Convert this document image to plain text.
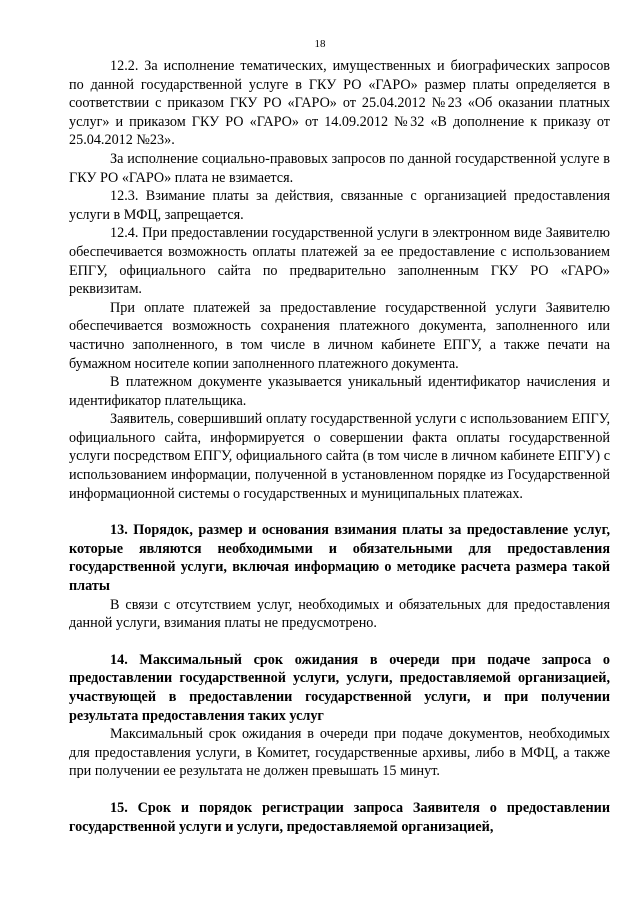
18

12.2. За исполнение тематических, имущественных и биографических запросов по данной государственной услуге в ГКУ РО «ГАРО» размер платы определяется в соответствии с приказом ГКУ РО «ГАРО» от 25.04.2012 №23 «Об оказании платных услуг» и приказом ГКУ РО «ГАРО» от 14.09.2012 №32 «В дополнение к приказу от 25.04.2012 №23».

За исполнение социально-правовых запросов по данной государственной услуге в ГКУ РО «ГАРО» плата не взимается.

12.3. Взимание платы за действия, связанные с организацией предоставления услуги в МФЦ, запрещается.

12.4. При предоставлении государственной услуги в электронном виде Заявителю обеспечивается возможность оплаты платежей за ее предоставление с использованием ЕПГУ, официального сайта по предварительно заполненным ГКУ РО «ГАРО» реквизитам.

При оплате платежей за предоставление государственной услуги Заявителю обеспечивается возможность сохранения платежного документа, заполненного или частично заполненного, в том числе в личном кабинете ЕПГУ, а также печати на бумажном носителе копии заполненного платежного документа.

В платежном документе указывается уникальный идентификатор начисления и идентификатор плательщика.

Заявитель, совершивший оплату государственной услуги с использованием ЕПГУ, официального сайта, информируется о совершении факта оплаты государственной услуги посредством ЕПГУ, официального сайта (в том числе в личном кабинете ЕПГУ) с использованием информации, полученной в установленном порядке из Государственной информационной системы о государственных и муниципальных платежах.

13. Порядок, размер и основания взимания платы за предоставление услуг, которые являются необходимыми и обязательными для предоставления государственной услуги, включая информацию о методике расчета размера такой платы

В связи с отсутствием услуг, необходимых и обязательных для предоставления данной услуги, взимания платы не предусмотрено.

14. Максимальный срок ожидания в очереди при подаче запроса о предоставлении государственной услуги, услуги, предоставляемой организацией, участвующей в предоставлении государственной услуги, и при получении результата предоставления таких услуг

Максимальный срок ожидания в очереди при подаче документов, необходимых для предоставления услуги, в Комитет, государственные архивы, либо в МФЦ, а также при получении ее результата не должен превышать 15 минут.

15. Срок и порядок регистрации запроса Заявителя о предоставлении государственной услуги и услуги, предоставляемой организацией,
